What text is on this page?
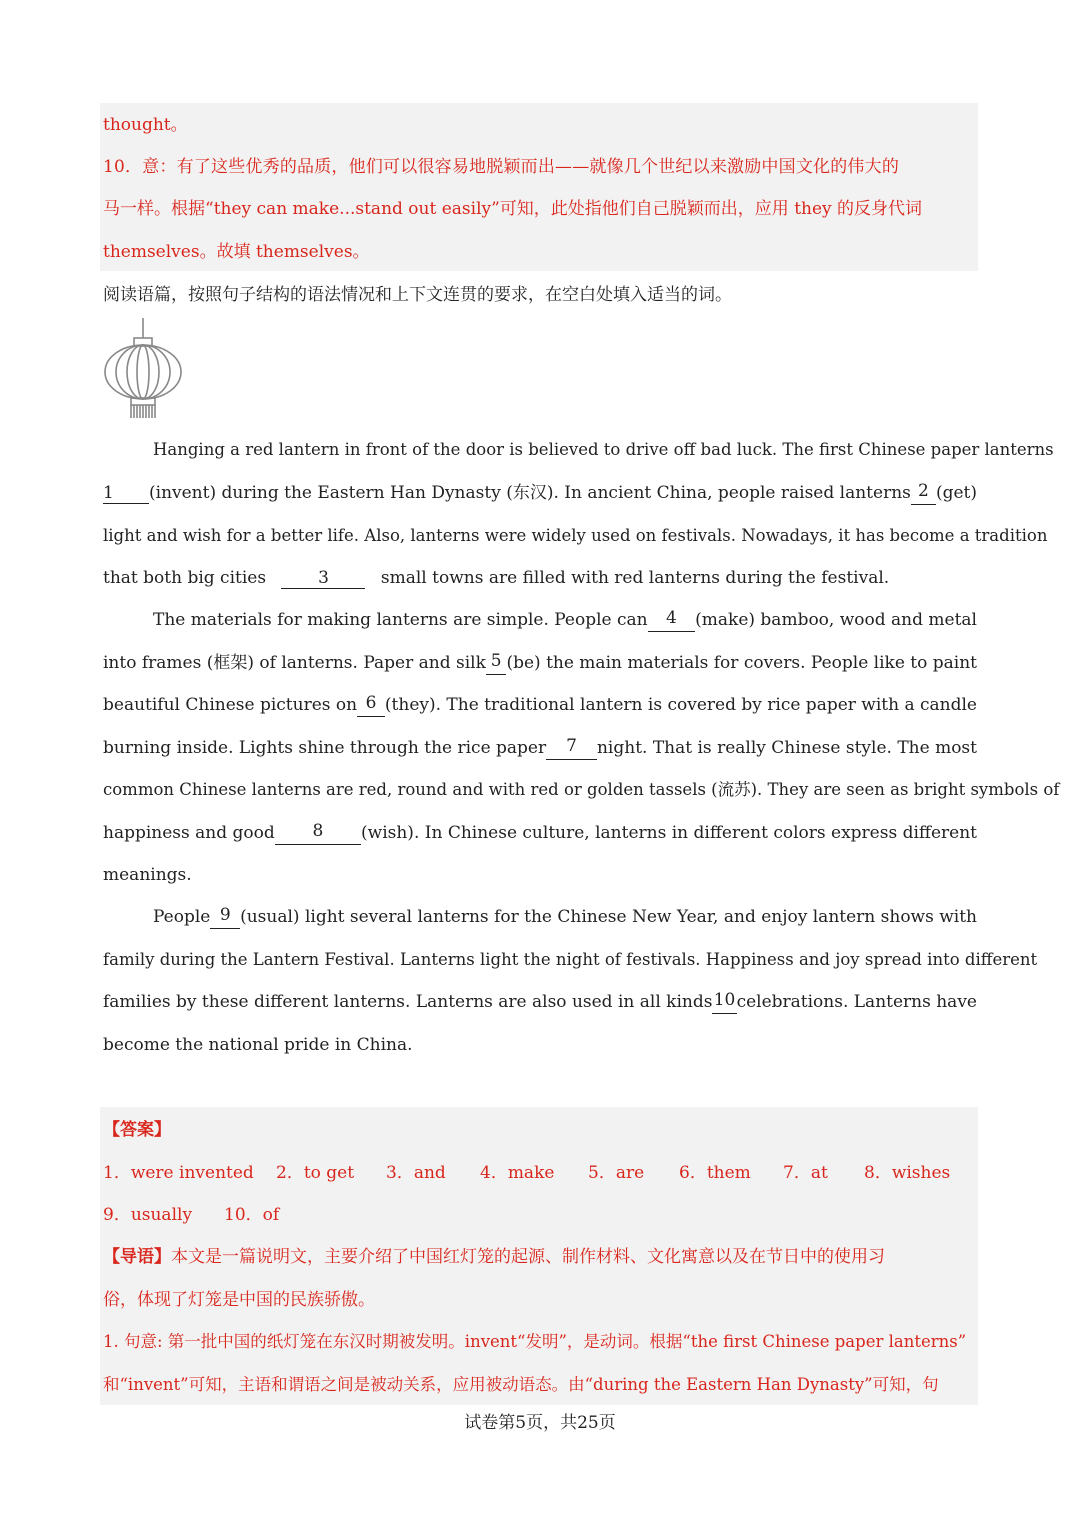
thought。
10．意：有了这些优秀的品质，他们可以很容易地脱颖而出——就像几个世纪以来激励中国文化的伟大的
马一样。根据“they can make...stand out easily”可知，此处指他们自己脱颖而出，应用 they 的反身代词
themselves。故填 themselves。
阅读语篇，按照句子结构的语法情况和上下文连贯的要求，在空白处填入适当的词。
Hanging a red lantern in front of the door is believed to drive off bad luck. The first Chinese paper lanterns
1	(invent) during the Eastern Han Dynasty (东汉). In ancient China, people raised lanterns 2 (get)
light and wish for a better life. Also, lanterns were widely used on festivals. Nowadays, it has become a tradition
that both big cities	3	small towns are filled with red lanterns during the festival.
The materials for making lanterns are simple. People can	4	(make) bamboo, wood and metal
into frames (框架) of lanterns. Paper and silk 5 (be) the main materials for covers. People like to paint
beautiful Chinese pictures on 6 (they). The traditional lantern is covered by rice paper with a candle
burning inside. Lights shine through the rice paper	7	night. That is really Chinese style. The most
common Chinese lanterns are red, round and with red or golden tassels (流苏). They are seen as bright symbols of
happiness and good	8	(wish). In Chinese culture, lanterns in different colors express different
meanings.
People 9 (usual) light several lanterns for the Chinese New Year, and enjoy lantern shows with
family during the Lantern Festival. Lanterns light the night of festivals. Happiness and joy spread into different
families by these different lanterns. Lanterns are also used in all kinds 10 celebrations. Lanterns have
become the national pride in China.
【答案】
1．were invented 2．to get 3．and 4．make 5．are 6．them 7．at 8．wishes
9．usually 10．of
【导语】本文是一篇说明文，主要介绍了中国红灯笼的起源、制作材料、文化寓意以及在节日中的使用习
俗，体现了灯笼是中国的民族骄傲。
1. 句意: 第一批中国的纸灯笼在东汉时期被发明。invent“发明”，是动词。根据“the first Chinese paper lanterns”
和“invent”可知，主语和谓语之间是被动关系，应用被动语态。由“during the Eastern Han Dynasty”可知，句
试卷第5页，共25页
